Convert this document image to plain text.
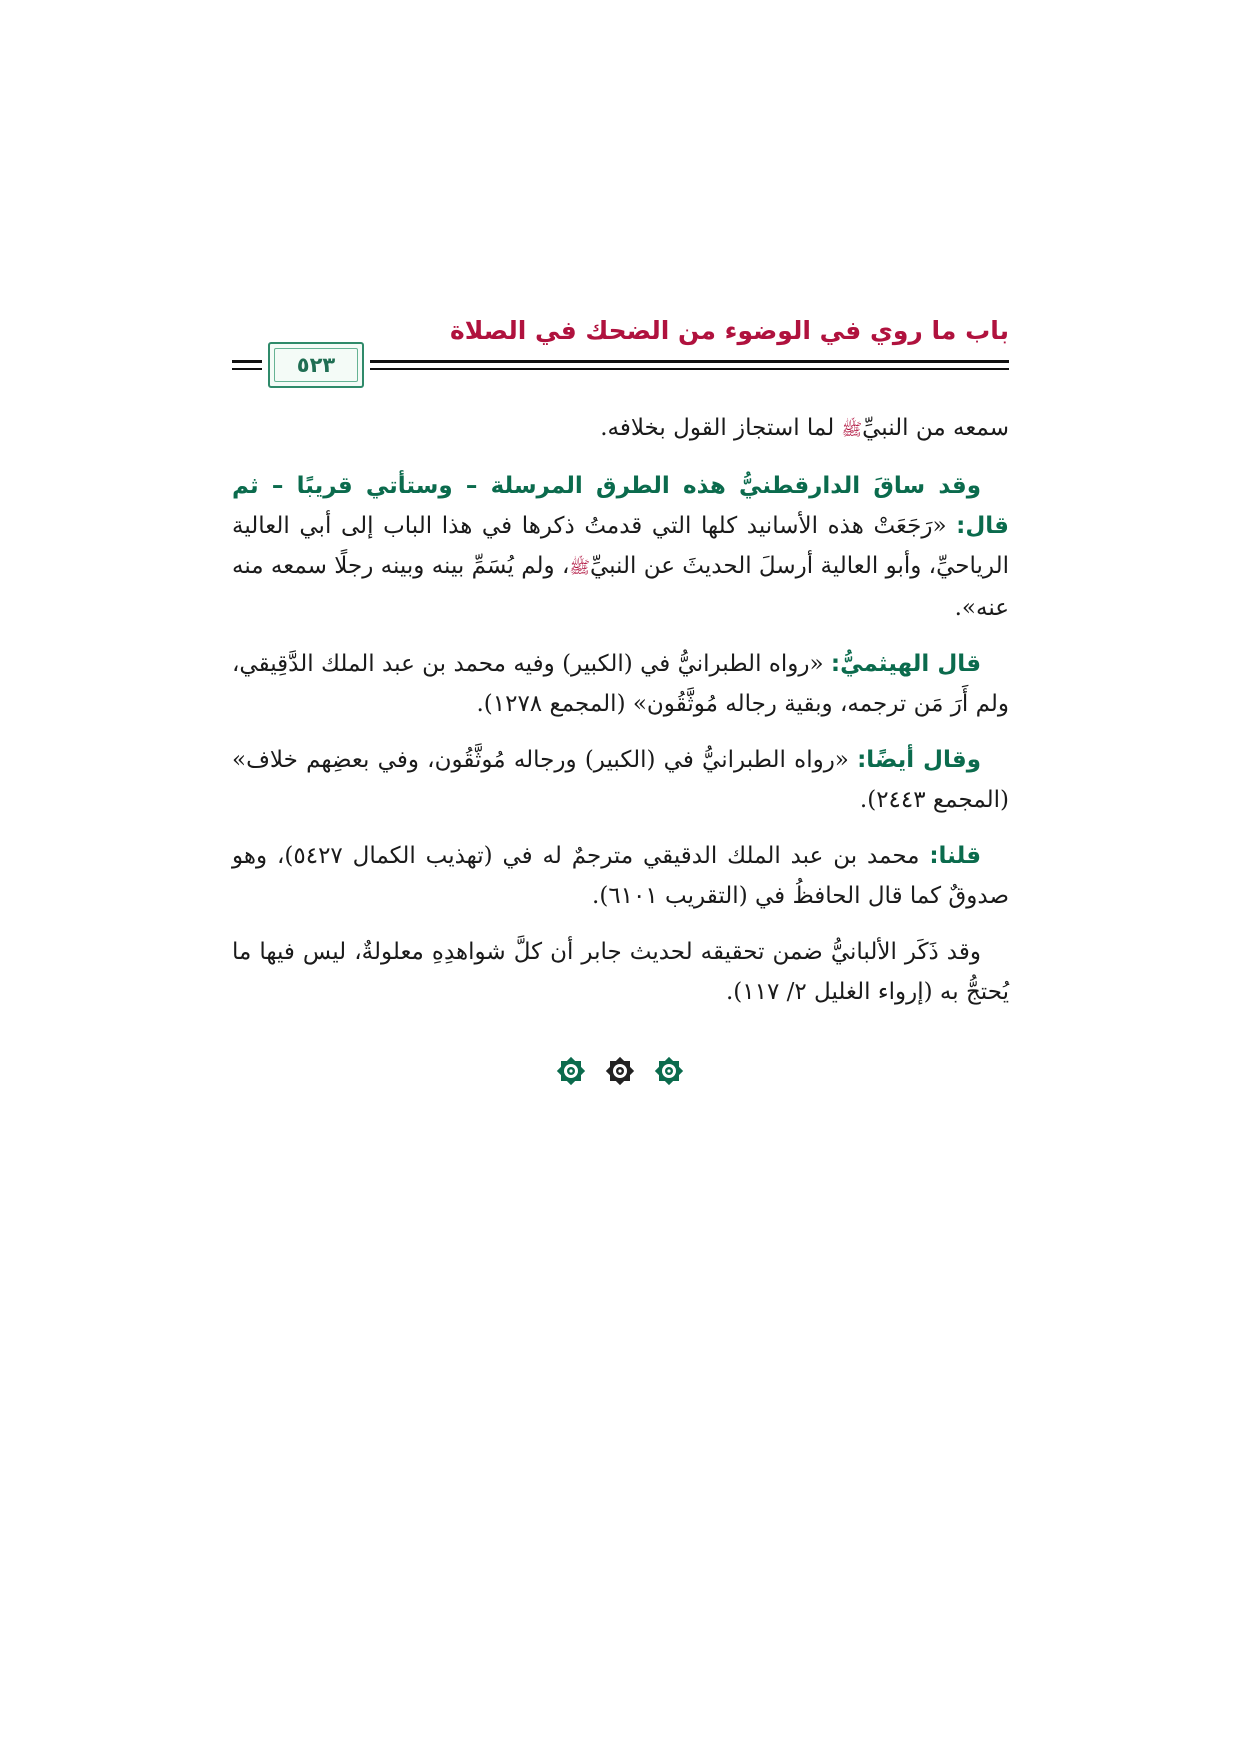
باب ما روي في الوضوء من الضحك في الصلاة
٥٢٣

سمعه من النبيِّﷺ لما استجاز القول بخلافه.

وقد ساقَ الدارقطنيُّ هذه الطرق المرسلة – وستأتي قريبًا – ثم قال: «رَجَعَتْ هذه الأسانيد كلها التي قدمتُ ذكرها في هذا الباب إلى أبي العالية الرياحيِّ، وأبو العالية أرسلَ الحديثَ عن النبيِّﷺ، ولم يُسَمِّ بينه وبينه رجلًا سمعه منه عنه».

قال الهيثميُّ: «رواه الطبرانيُّ في (الكبير) وفيه محمد بن عبد الملك الدَّقِيقي، ولم أَرَ مَن ترجمه، وبقية رجاله مُوثَّقُون» (المجمع ١٢٧٨).

وقال أيضًا: «رواه الطبرانيُّ في (الكبير) ورجاله مُوثَّقُون، وفي بعضِهم خلاف» (المجمع ٢٤٤٣).

قلنا: محمد بن عبد الملك الدقيقي مترجمٌ له في (تهذيب الكمال ٥٤٢٧)، وهو صدوقٌ كما قال الحافظُ في (التقريب ٦١٠١).

وقد ذَكَر الألبانيُّ ضمن تحقيقه لحديث جابر أن كلَّ شواهدِهِ معلولةٌ، ليس فيها ما يُحتجُّ به (إرواء الغليل ٢/ ١١٧).
